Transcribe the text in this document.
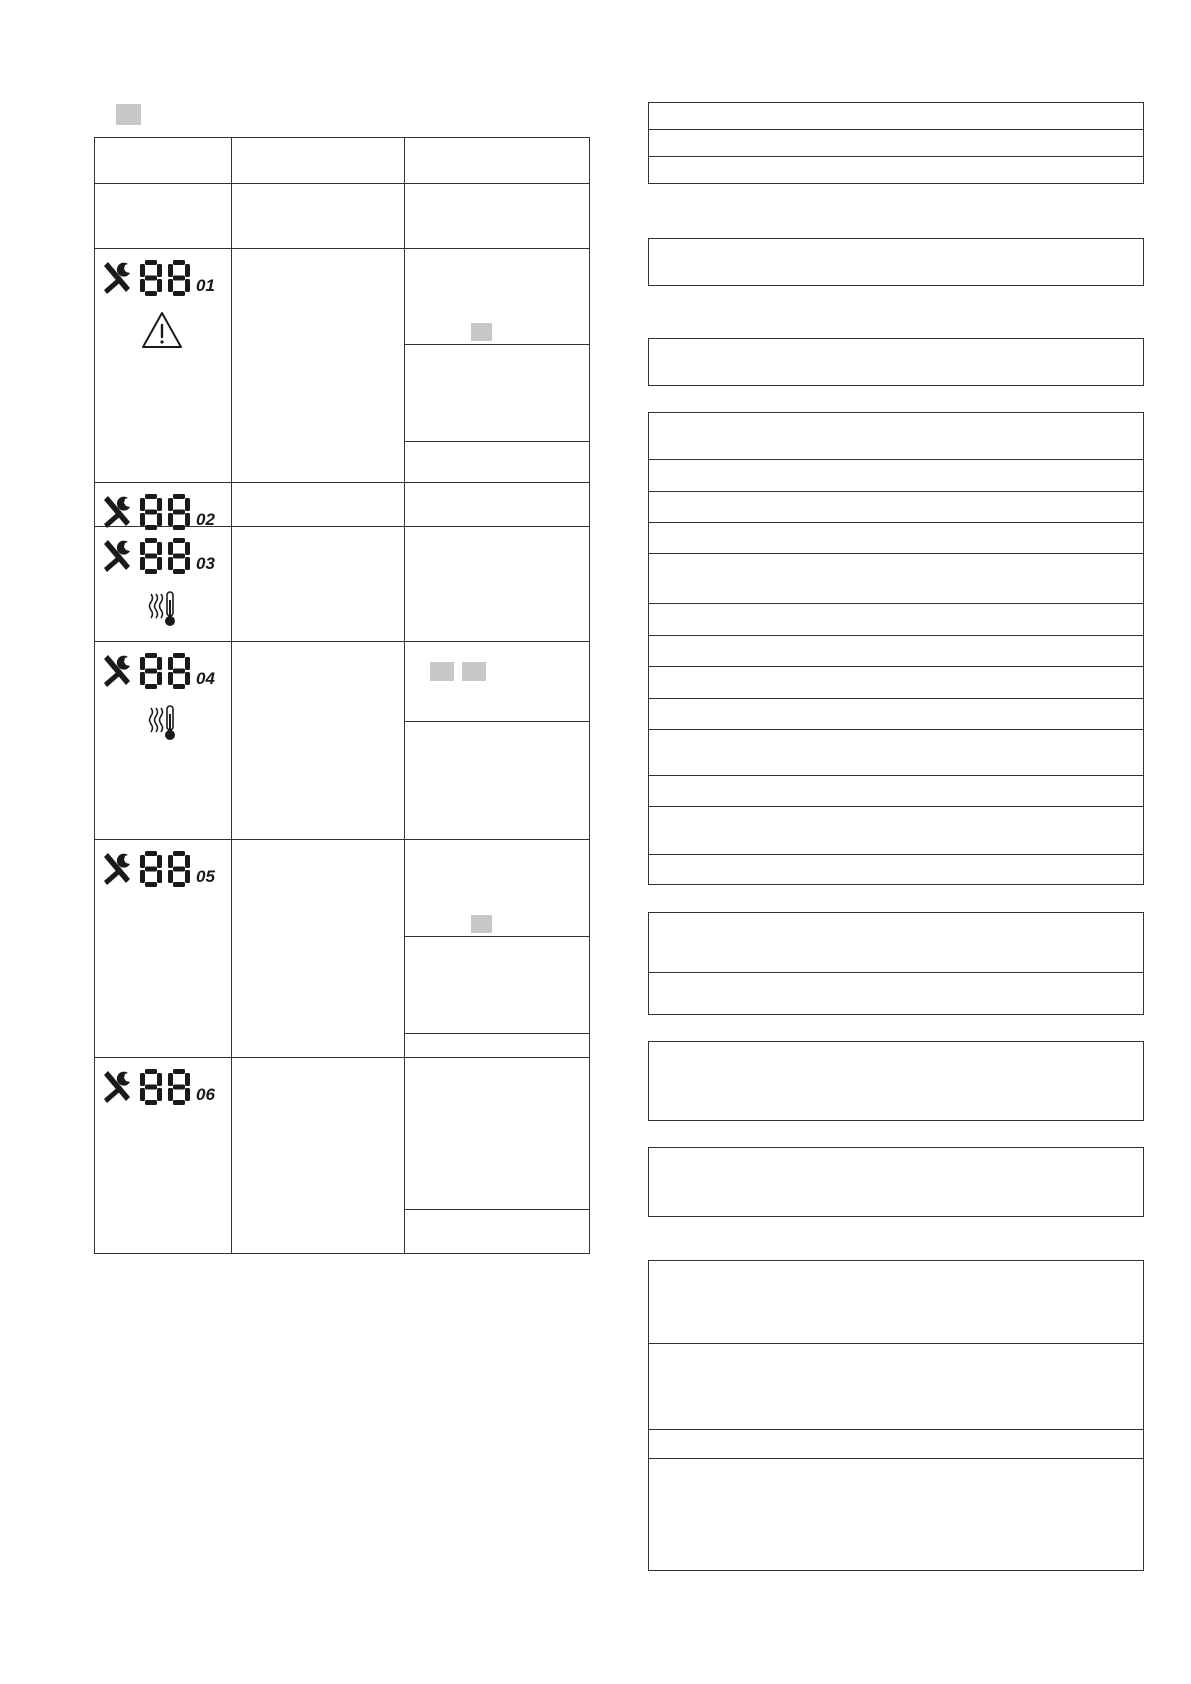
01
02
03
04
05
06
